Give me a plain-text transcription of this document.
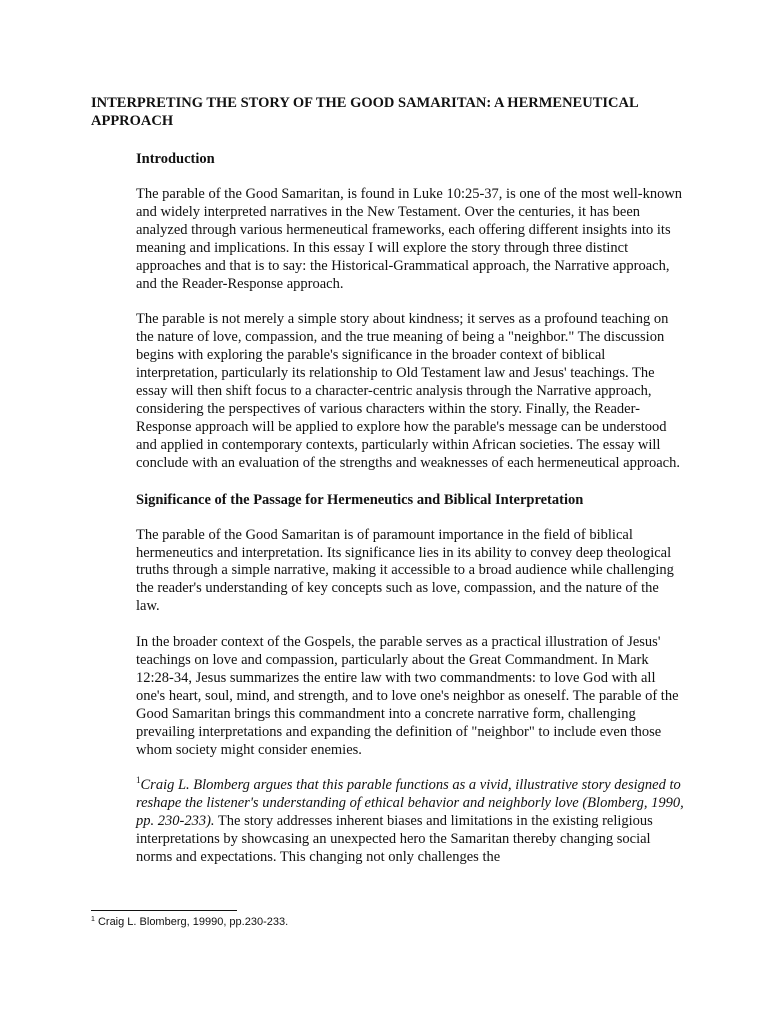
INTERPRETING THE STORY OF THE GOOD SAMARITAN: A HERMENEUTICAL APPROACH

Introduction

The parable of the Good Samaritan, is found in Luke 10:25-37, is one of the most well-known and widely interpreted narratives in the New Testament. Over the centuries, it has been analyzed through various hermeneutical frameworks, each offering different insights into its meaning and implications. In this essay I will explore the story through three distinct approaches and that is to say: the Historical-Grammatical approach, the Narrative approach, and the Reader-Response approach.

The parable is not merely a simple story about kindness; it serves as a profound teaching on the nature of love, compassion, and the true meaning of being a "neighbor." The discussion begins with exploring the parable's significance in the broader context of biblical interpretation, particularly its relationship to Old Testament law and Jesus' teachings. The essay will then shift focus to a character-centric analysis through the Narrative approach, considering the perspectives of various characters within the story. Finally, the Reader-Response approach will be applied to explore how the parable's message can be understood and applied in contemporary contexts, particularly within African societies. The essay will conclude with an evaluation of the strengths and weaknesses of each hermeneutical approach.

Significance of the Passage for Hermeneutics and Biblical Interpretation

The parable of the Good Samaritan is of paramount importance in the field of biblical hermeneutics and interpretation. Its significance lies in its ability to convey deep theological truths through a simple narrative, making it accessible to a broad audience while challenging the reader's understanding of key concepts such as love, compassion, and the nature of the law.

In the broader context of the Gospels, the parable serves as a practical illustration of Jesus' teachings on love and compassion, particularly about the Great Commandment. In Mark 12:28-34, Jesus summarizes the entire law with two commandments: to love God with all one's heart, soul, mind, and strength, and to love one's neighbor as oneself. The parable of the Good Samaritan brings this commandment into a concrete narrative form, challenging prevailing interpretations and expanding the definition of "neighbor" to include even those whom society might consider enemies.

$^1$Craig L. Blomberg argues that this parable functions as a vivid, illustrative story designed to reshape the listener's understanding of ethical behavior and neighborly love (Blomberg, 1990, pp. 230-233). The story addresses inherent biases and limitations in the existing religious interpretations by showcasing an unexpected hero the Samaritan thereby changing social norms and expectations. This changing not only challenges the

$^1$ Craig L. Blomberg, 19990, pp.230-233.
